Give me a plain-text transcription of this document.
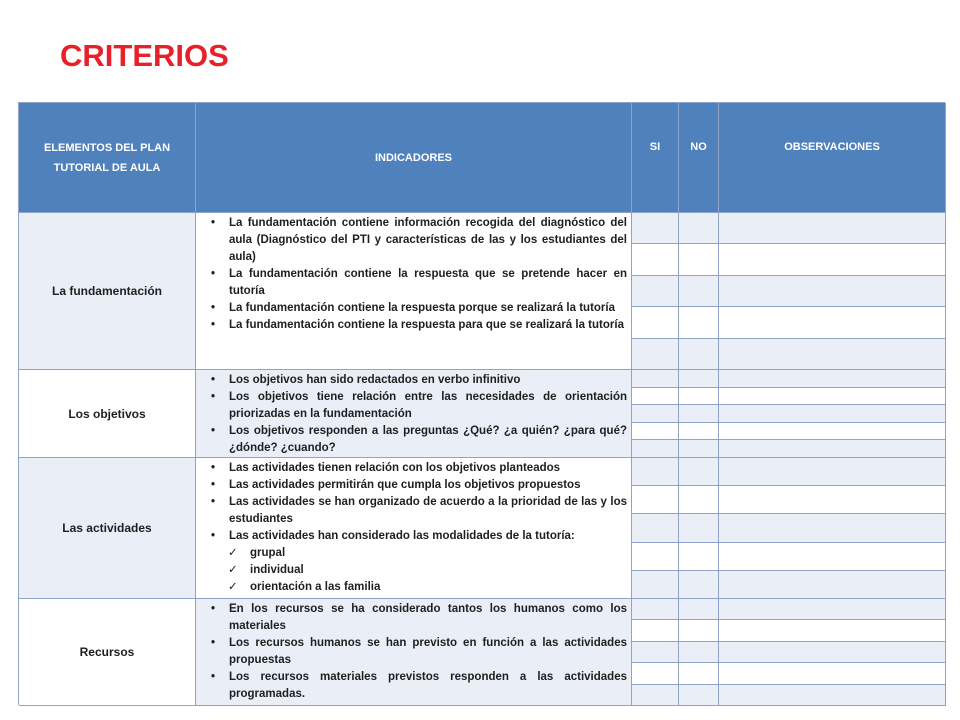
CRITERIOS
ELEMENTOS DEL PLAN TUTORIAL DE AULA
INDICADORES
SI	NO	OBSERVACIONES
La fundamentación
• La fundamentación contiene información recogida del diagnóstico del aula (Diagnóstico del PTI y características de las y los estudiantes del aula)
• La fundamentación contiene la respuesta que se pretende hacer en tutoría
• La fundamentación contiene la respuesta porque se realizará la tutoría
• La fundamentación contiene la respuesta para que se realizará la tutoría
Los objetivos
• Los objetivos han sido redactados en verbo infinitivo
• Los objetivos tiene relación entre las necesidades de orientación priorizadas en la fundamentación
• Los objetivos responden a las preguntas ¿Qué? ¿a quién? ¿para qué? ¿dónde? ¿cuando?
Las actividades
• Las actividades tienen relación con los objetivos planteados
• Las actividades permitirán que cumpla los objetivos propuestos
• Las actividades se han organizado de acuerdo a la prioridad de las y los estudiantes
• Las actividades han considerado las modalidades de la tutoría:
✓ grupal
✓ individual
✓ orientación a las familia
Recursos
• En los recursos se ha considerado tantos los humanos como los materiales
• Los recursos humanos se han previsto en función a las actividades propuestas
• Los recursos materiales previstos responden a las actividades programadas.
